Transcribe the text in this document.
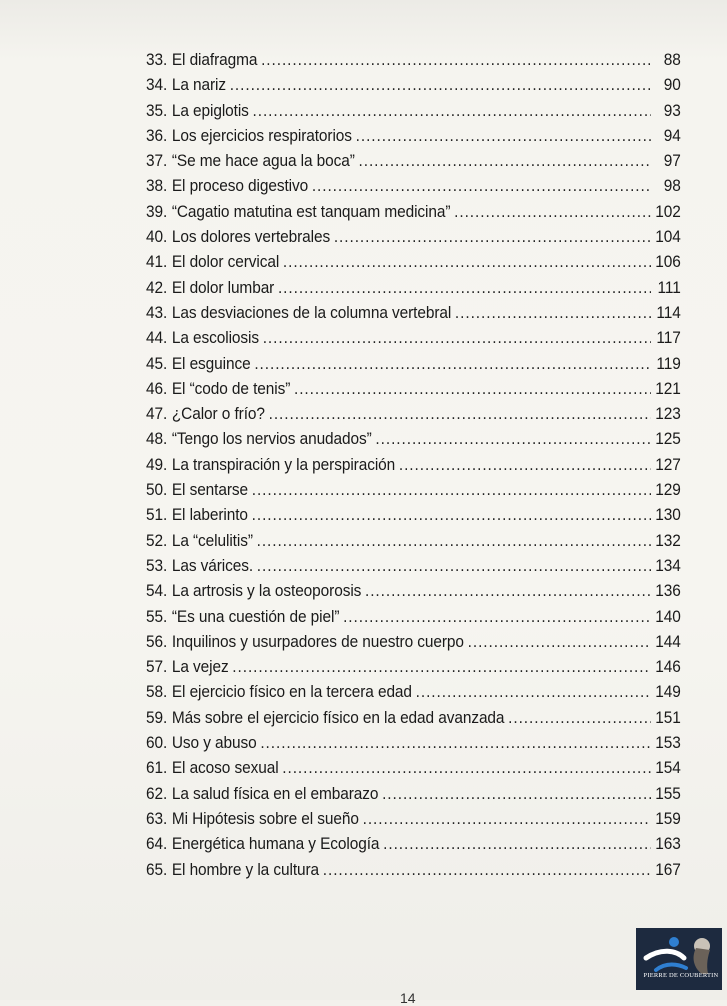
33. El diafragma .....	88
34. La nariz .....	90
35. La epiglotis .....	93
36. Los ejercicios respiratorios .....	94
37. “Se me hace agua la boca” .....	97
38. El proceso digestivo .....	98
39. “Cagatio matutina est tanquam medicina” .....	102
40. Los dolores vertebrales .....	104
41. El dolor cervical .....	106
42. El dolor lumbar .....	111
43. Las desviaciones de la columna vertebral .....	114
44. La escoliosis .....	117
45. El esguince .....	119
46. El “codo de tenis” .....	121
47. ¿Calor o frío? .....	123
48. “Tengo los nervios anudados” .....	125
49. La transpiración y la perspiración .....	127
50. El sentarse .....	129
51. El laberinto .....	130
52. La “celulitis” .....	132
53. Las várices. .....	134
54. La artrosis y la osteoporosis .....	136
55. “Es una cuestión de piel” .....	140
56. Inquilinos y usurpadores de nuestro cuerpo .....	144
57. La vejez .....	146
58. El ejercicio físico en la tercera edad .....	149
59. Más sobre el ejercicio físico en la edad avanzada .....	151
60. Uso y abuso .....	153
61. El acoso sexual .....	154
62. La salud física en el embarazo .....	155
63. Mi Hipótesis sobre el sueño .....	159
64. Energética humana y Ecología .....	163
65. El hombre y la cultura .....	167
PIERRE DE COUBERTIN
14
